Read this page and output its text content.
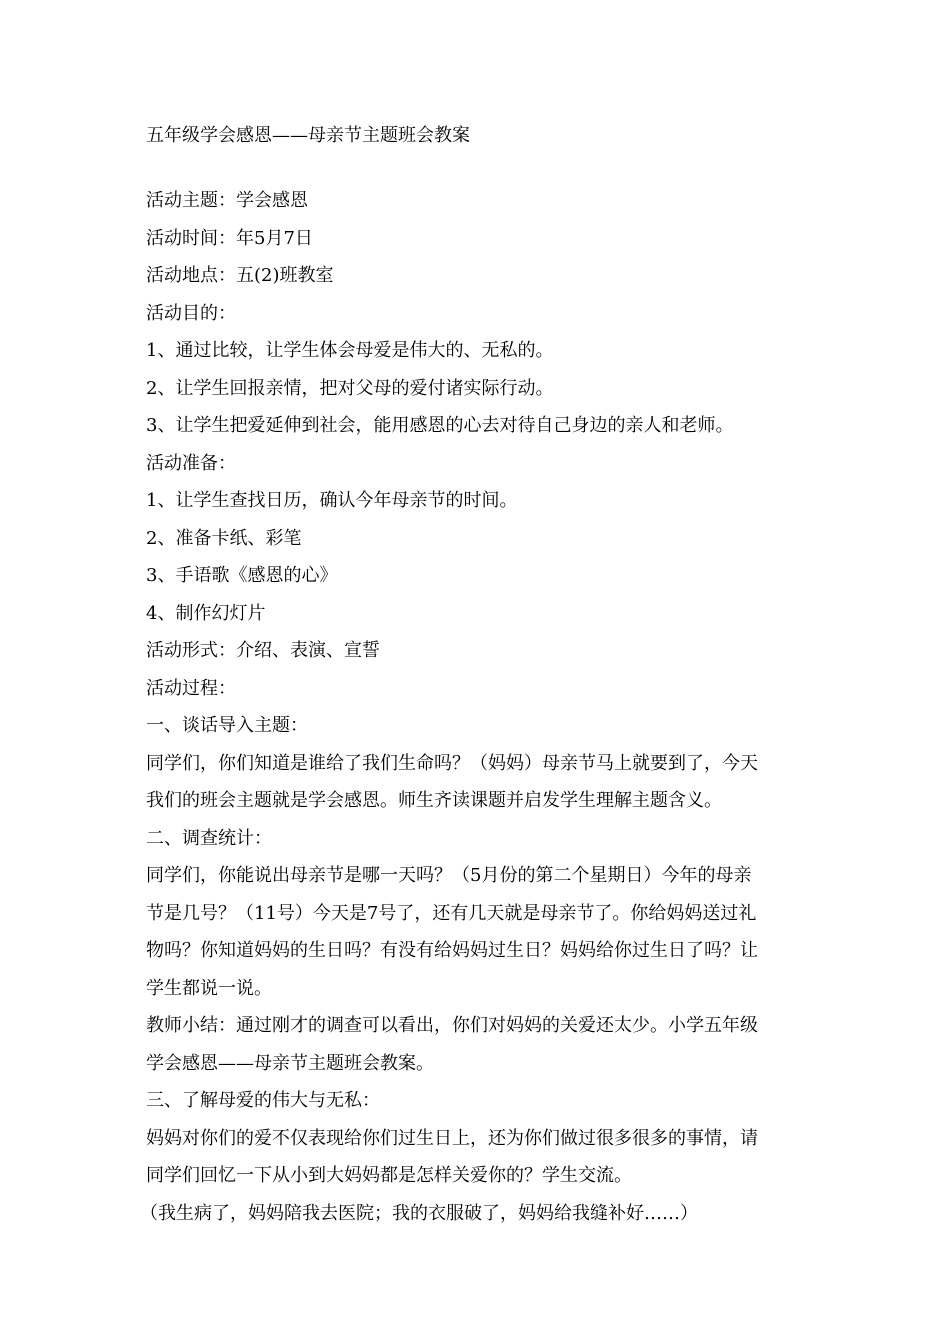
五年级学会感恩——母亲节主题班会教案
活动主题：学会感恩
活动时间：年5月7日
活动地点：五(2)班教室
活动目的：
1、通过比较，让学生体会母爱是伟大的、无私的。
2、让学生回报亲情，把对父母的爱付诸实际行动。
3、让学生把爱延伸到社会，能用感恩的心去对待自己身边的亲人和老师。
活动准备：
1、让学生查找日历，确认今年母亲节的时间。
2、准备卡纸、彩笔
3、手语歌《感恩的心》
4、制作幻灯片
活动形式：介绍、表演、宣誓
活动过程：
一、谈话导入主题：
同学们，你们知道是谁给了我们生命吗？（妈妈）母亲节马上就要到了，今天
我们的班会主题就是学会感恩。师生齐读课题并启发学生理解主题含义。
二、调查统计：
同学们，你能说出母亲节是哪一天吗？（5月份的第二个星期日）今年的母亲
节是几号？（11号）今天是7号了，还有几天就是母亲节了。你给妈妈送过礼
物吗？你知道妈妈的生日吗？有没有给妈妈过生日？妈妈给你过生日了吗？让
学生都说一说。
教师小结：通过刚才的调查可以看出，你们对妈妈的关爱还太少。小学五年级
学会感恩——母亲节主题班会教案。
三、了解母爱的伟大与无私：
妈妈对你们的爱不仅表现给你们过生日上，还为你们做过很多很多的事情，请
同学们回忆一下从小到大妈妈都是怎样关爱你的？学生交流。
（我生病了，妈妈陪我去医院；我的衣服破了，妈妈给我缝补好……）
